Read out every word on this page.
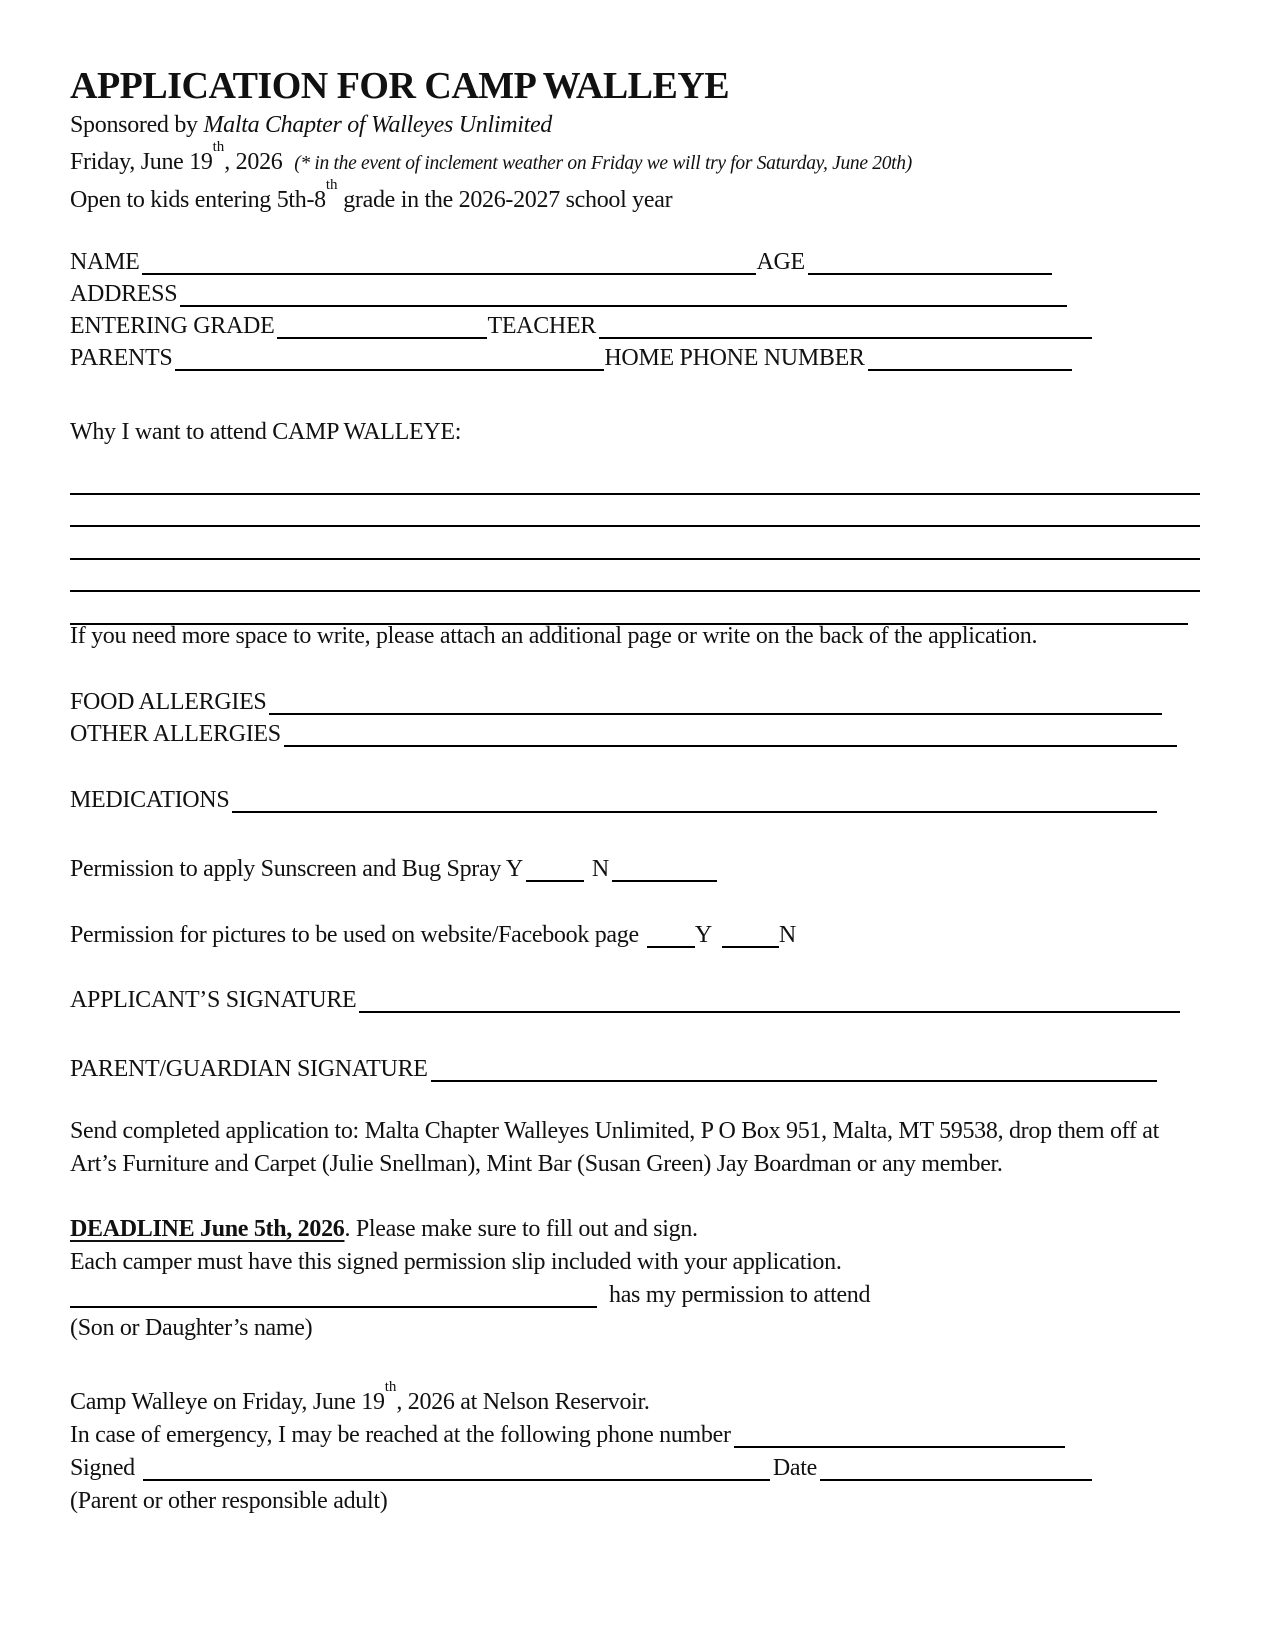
APPLICATION FOR CAMP WALLEYE

Sponsored by Malta Chapter of Walleyes Unlimited

Friday, June 19th, 2026 (* in the event of inclement weather on Friday we will try for Saturday, June 20th)

Open to kids entering 5th-8th grade in the 2026-2027 school year

NAME	AGE
ADDRESS
ENTERING GRADE	TEACHER
PARENTS	HOME PHONE NUMBER

Why I want to attend CAMP WALLEYE:

If you need more space to write, please attach an additional page or write on the back of the application.

FOOD ALLERGIES
OTHER ALLERGIES
MEDICATIONS
Permission to apply Sunscreen and Bug Spray Y	N
Permission for pictures to be used on website/Facebook page Y	N
APPLICANT’S SIGNATURE
PARENT/GUARDIAN SIGNATURE

Send completed application to: Malta Chapter Walleyes Unlimited, P O Box 951, Malta, MT 59538, drop them off at Art’s Furniture and Carpet (Julie Snellman), Mint Bar (Susan Green) Jay Boardman or any member.

DEADLINE June 5th, 2026. Please make sure to fill out and sign.

Each camper must have this signed permission slip included with your application.

has my permission to attend

(Son or Daughter’s name)

Camp Walleye on Friday, June 19th, 2026 at Nelson Reservoir.

In case of emergency, I may be reached at the following phone number
Signed	Date

(Parent or other responsible adult)
